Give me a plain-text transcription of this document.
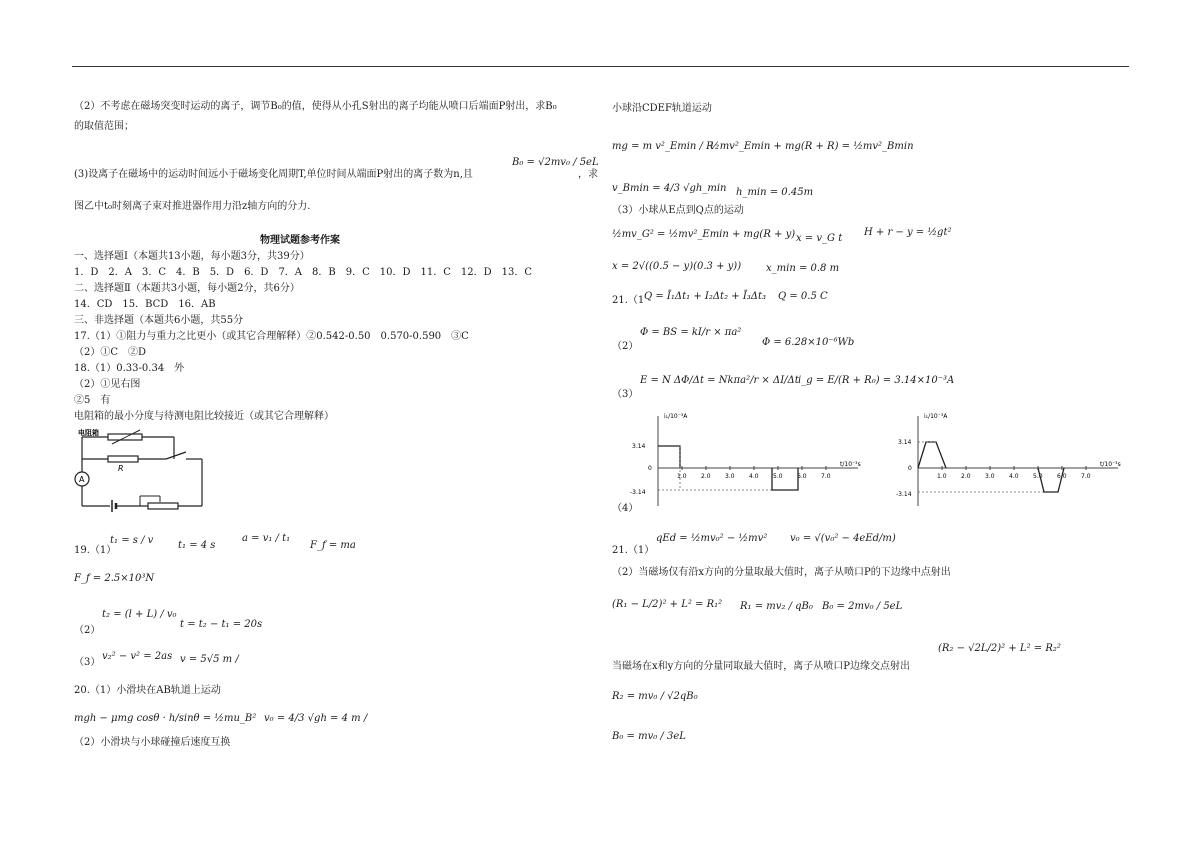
（2）不考虑在磁场突变时运动的离子，调节B₀的值，使得从小孔S射出的离子均能从喷口后端面P射出，求B₀
的取值范围；
(3)设离子在磁场中的运动时间远小于磁场变化周期T,单位时间从端面P射出的离子数为n,且
B₀ = √2mv₀ / 5eL
，求
图乙中t₀时刻离子束对推进器作用力沿z轴方向的分力.
物理试题参考作案
一、选择题Ⅰ（本题共13小题，每小题3分，共39分）
1．D　2．A　3．C　4．B　5．D　6．D　7．A　8．B　9．C　10．D　11．C　12．D　13．C
二、选择题Ⅱ（本题共3小题，每小题2分，共6分）
14．CD　15．BCD　16．AB
三、非选择题（本题共6小题，共55分
17.（1）①阻力与重力之比更小（或其它合理解释）②0.542-0.50　0.570-0.590　③C
（2）①C　②D
18.（1）0.33-0.34　外
（2）①见右图
②5　有
电阻箱的最小分度与待测电阻比较接近（或其它合理解释）
电阻箱
R
A
19.（1）
t₁ = s / v t₁ = 4 s
a = v₁ / t₁
F_f = ma
F_f = 2.5×10³N
（2）
t₂ = (l + L) / v₀
t = t₂ − t₁ = 20s
（3）
v₂² − v² = 2as v = 5√5 m /
20.（1）小滑块在AB轨道上运动
mgh − μmg cosθ · h/sinθ = ½mu_B² v₀ = 4/3 √gh = 4 m /
（2）小滑块与小球碰撞后速度互换
小球沿CDEF轨道运动
mg = m v²_Emin / R
½mv²_Emin + mg(R + R) = ½mv²_Bmin
v_Bmin = 4/3 √gh_min h_min = 0.45m
（3）小球从E点到Q点的运动
½mv_G² = ½mv²_Emin + mg(R + y) x = v_G t
H + r − y = ½gt²
x = 2√((0.5 − y)(0.3 + y)) x_min = 0.8 m
21.（1 Q = Ī₁Δt₁ + I₂Δt₂ + Ī₃Δt₃ Q = 0.5 C
（2）
Φ = BS = kI/r × πa²
Φ = 6.28×10⁻⁶Wb
（3）
E = N ΔΦ/Δt = Nkπa²/r × ΔI/Δt i_g = E/(R + R₀) = 3.14×10⁻³A
i₁/10⁻³A
t/10⁻³s
3.14
-3.14
0
1.0 2.0 3.0 4.0 5.0 6.0 7.0
i₁/10⁻³A
t/10⁻³s
3.14
-3.14
0
1.0 2.0 3.0 4.0 5.0 6.0 7.0
（4）
21.（1）
qEd = ½mv₀² − ½mv² v₀ = √(v₀² − 4eEd/m)
（2）当磁场仅有沿x方向的分量取最大值时，离子从喷口P的下边缘中点射出
(R₁ − L/2)² + L² = R₁² R₁ = mv₂ / qB₀ B₀ = 2mv₀ / 5eL
(R₂ − √2L/2)² + L² = R₂²
当磁场在x和y方向的分量同取最大值时，离子从喷口P边缘交点射出
R₂ = mv₀ / √2qB₀
B₀ = mv₀ / 3eL
